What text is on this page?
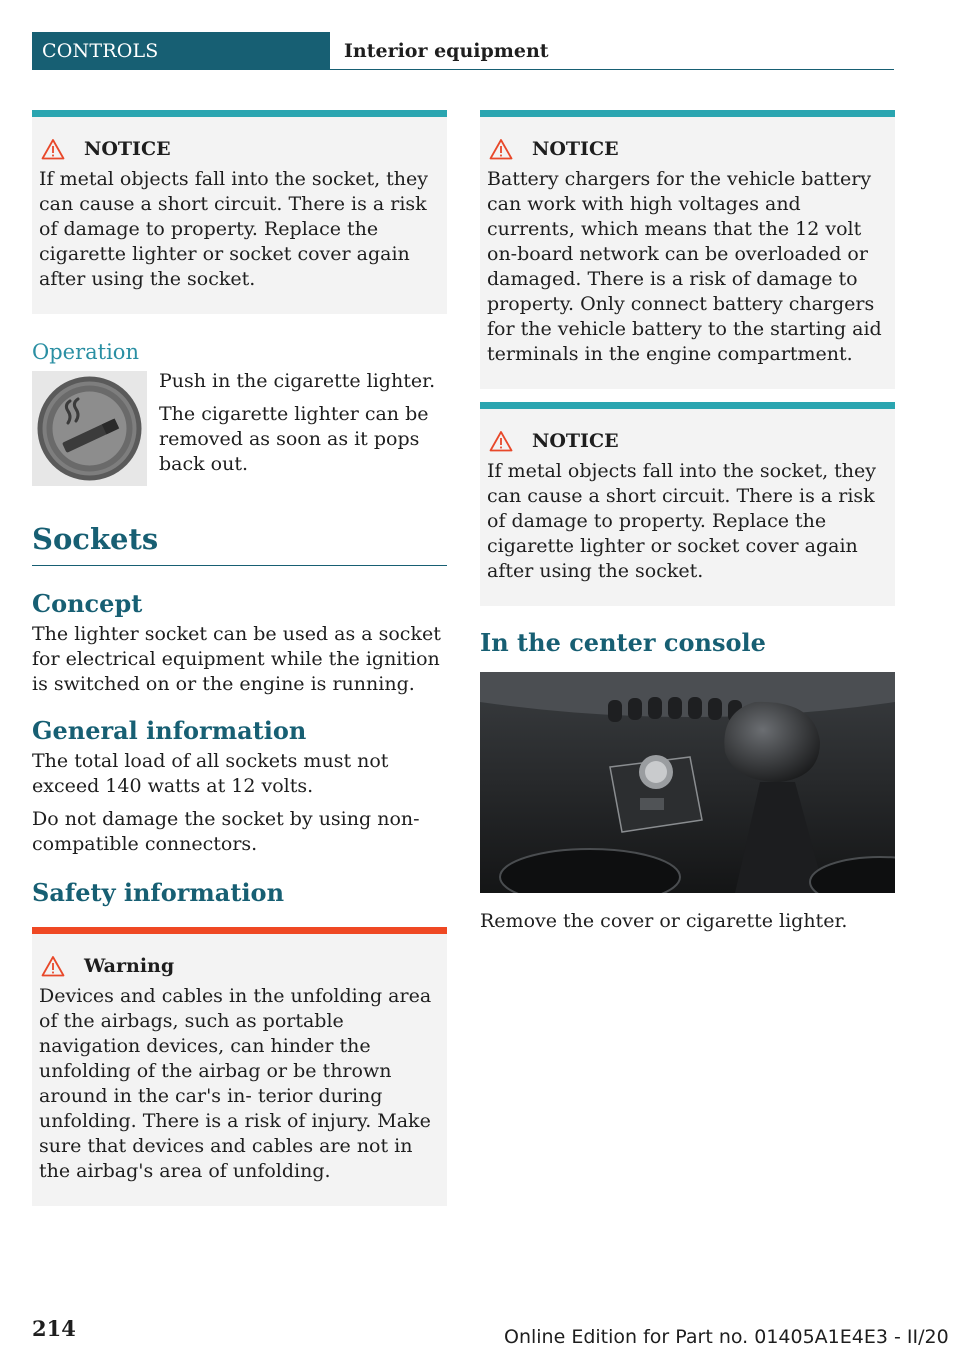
CONTROLS	Interior equipment
NOTICE

If metal objects fall into the socket, they can cause a short circuit. There is a risk of damage to property. Replace the cigarette lighter or socket cover again after using the socket.

Operation

Push in the cigarette lighter.

The cigarette lighter can be removed as soon as it pops back out.

Sockets
Concept

The lighter socket can be used as a socket for electrical equipment while the ignition is switched on or the engine is running.

General information

The total load of all sockets must not exceed 140 watts at 12 volts.

Do not damage the socket by using non-compatible connectors.

Safety information
Warning

Devices and cables in the unfolding area of the airbags, such as portable navigation devices, can hinder the unfolding of the airbag or be thrown around in the car's in- terior during unfolding. There is a risk of injury. Make sure that devices and cables are not in the airbag's area of unfolding.

NOTICE

Battery chargers for the vehicle battery can work with high voltages and currents, which means that the 12 volt on-board network can be overloaded or damaged. There is a risk of damage to property. Only connect battery chargers for the vehicle battery to the starting aid terminals in the engine compartment.

NOTICE

If metal objects fall into the socket, they can cause a short circuit. There is a risk of damage to property. Replace the cigarette lighter or socket cover again after using the socket.

In the center console

Remove the cover or cigarette lighter.

214	Online Edition for Part no. 01405A1E4E3 - II/20
